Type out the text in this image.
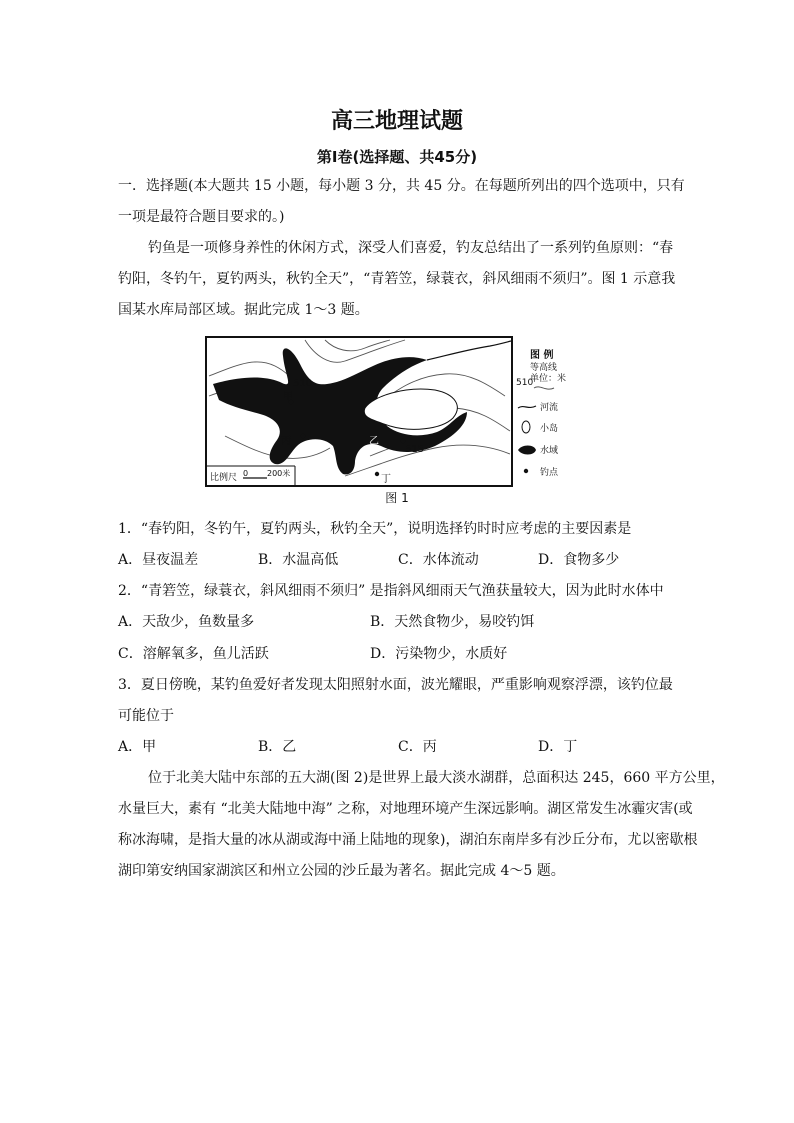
高三地理试题
第Ⅰ卷(选择题、共45分)
一．选择题(本大题共 15 小题，每小题 3 分，共 45 分。在每题所列出的四个选项中，只有
一项是最符合题目要求的。)
钓鱼是一项修身养性的休闲方式，深受人们喜爱，钓友总结出了一系列钓鱼原则：“春
钓阳，冬钓午，夏钓两头，秋钓全天”，“青箬笠，绿蓑衣，斜风细雨不须归”。图 1 示意我
国某水库局部区域。据此完成 1～3 题。
510
515
甲
乙
丙
丁
比例尺 0 200米
图 例
等高线
单位：米
510
河流
小岛
水域
钓点
图 1
1．“春钓阳，冬钓午，夏钓两头，秋钓全天”，说明选择钓时时应考虑的主要因素是
A．昼夜温差	B．水温高低	C．水体流动	D．食物多少
2．“青箬笠，绿蓑衣，斜风细雨不须归” 是指斜风细雨天气渔获量较大，因为此时水体中
A．天敌少，鱼数量多	B．天然食物少，易咬钓饵
C．溶解氧多，鱼儿活跃	D．污染物少，水质好
3．夏日傍晚，某钓鱼爱好者发现太阳照射水面，波光耀眼，严重影响观察浮漂，该钓位最
可能位于
A．甲	B．乙	C．丙	D．丁
位于北美大陆中东部的五大湖(图 2)是世界上最大淡水湖群，总面积达 245，660 平方公里，
水量巨大，素有 “北美大陆地中海” 之称，对地理环境产生深远影响。湖区常发生冰霾灾害(或
称冰海啸，是指大量的冰从湖或海中涌上陆地的现象)，湖泊东南岸多有沙丘分布，尤以密歇根
湖印第安纳国家湖滨区和州立公园的沙丘最为著名。据此完成 4～5 题。
